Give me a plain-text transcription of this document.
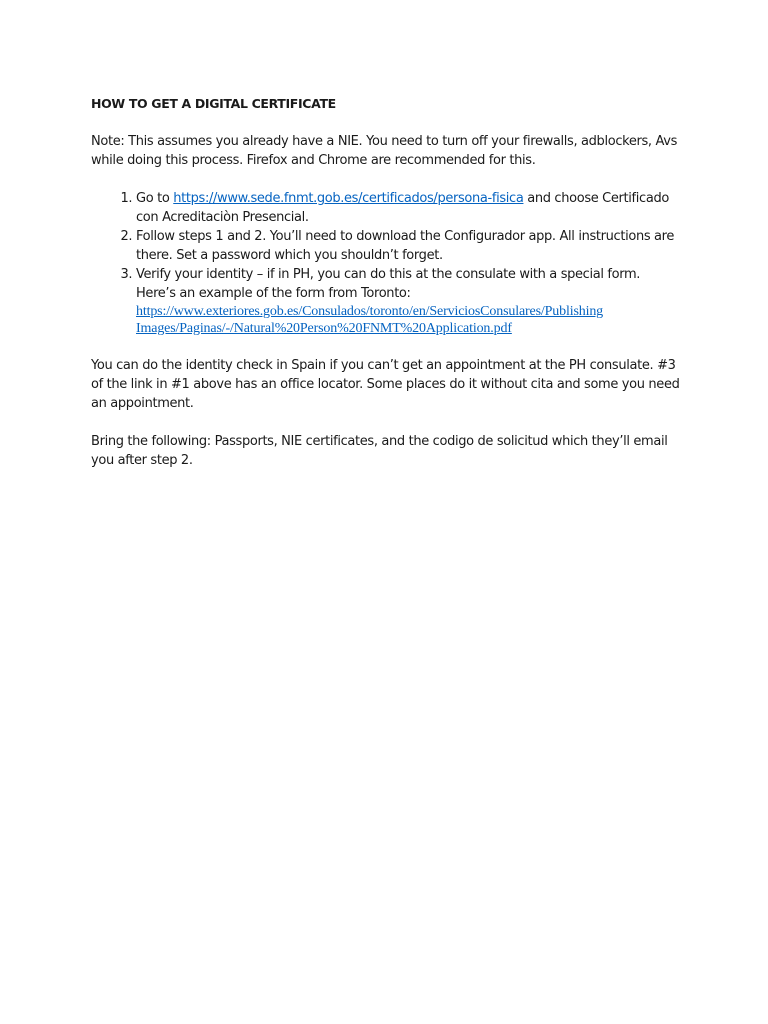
HOW TO GET A DIGITAL CERTIFICATE

Note: This assumes you already have a NIE. You need to turn off your firewalls, adblockers, Avs while doing this process. Firefox and Chrome are recommended for this.

1. Go to https://www.sede.fnmt.gob.es/certificados/persona-fisica and choose Certificado con Acreditaciòn Presencial.
2. Follow steps 1 and 2. You’ll need to download the Configurador app. All instructions are there. Set a password which you shouldn’t forget.
3. Verify your identity – if in PH, you can do this at the consulate with a special form. Here’s an example of the form from Toronto:
https://www.exteriores.gob.es/Consulados/toronto/en/ServiciosConsulares/PublishingImages/Paginas/-/Natural%20Person%20FNMT%20Application.pdf

You can do the identity check in Spain if you can’t get an appointment at the PH consulate. #3 of the link in #1 above has an office locator. Some places do it without cita and some you need an appointment.

Bring the following: Passports, NIE certificates, and the codigo de solicitud which they’ll email you after step 2.
